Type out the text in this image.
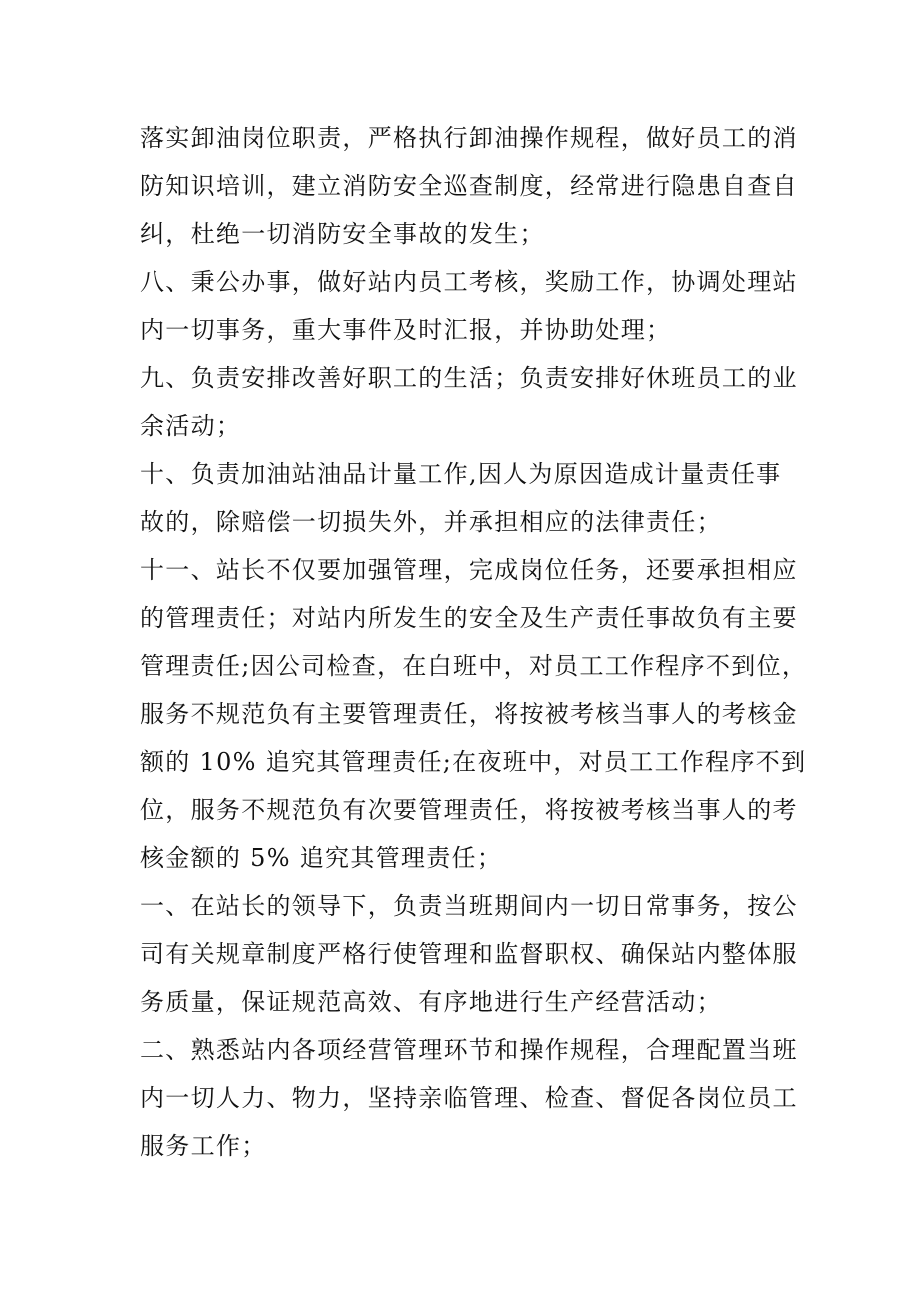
落实卸油岗位职责，严格执行卸油操作规程，做好员工的消
防知识培训，建立消防安全巡查制度，经常进行隐患自查自
纠，杜绝一切消防安全事故的发生；
八、秉公办事，做好站内员工考核，奖励工作，协调处理站
内一切事务，重大事件及时汇报，并协助处理；
九、负责安排改善好职工的生活；负责安排好休班员工的业
余活动；
十、负责加油站油品计量工作,因人为原因造成计量责任事
故的，除赔偿一切损失外，并承担相应的法律责任；
十一、站长不仅要加强管理，完成岗位任务，还要承担相应
的管理责任；对站内所发生的安全及生产责任事故负有主要
管理责任;因公司检查，在白班中，对员工工作程序不到位，
服务不规范负有主要管理责任，将按被考核当事人的考核金
额的 10% 追究其管理责任;在夜班中，对员工工作程序不到
位，服务不规范负有次要管理责任，将按被考核当事人的考
核金额的 5% 追究其管理责任；
一、在站长的领导下，负责当班期间内一切日常事务，按公
司有关规章制度严格行使管理和监督职权、确保站内整体服
务质量，保证规范高效、有序地进行生产经营活动；
二、熟悉站内各项经营管理环节和操作规程，合理配置当班
内一切人力、物力，坚持亲临管理、检查、督促各岗位员工
服务工作；
